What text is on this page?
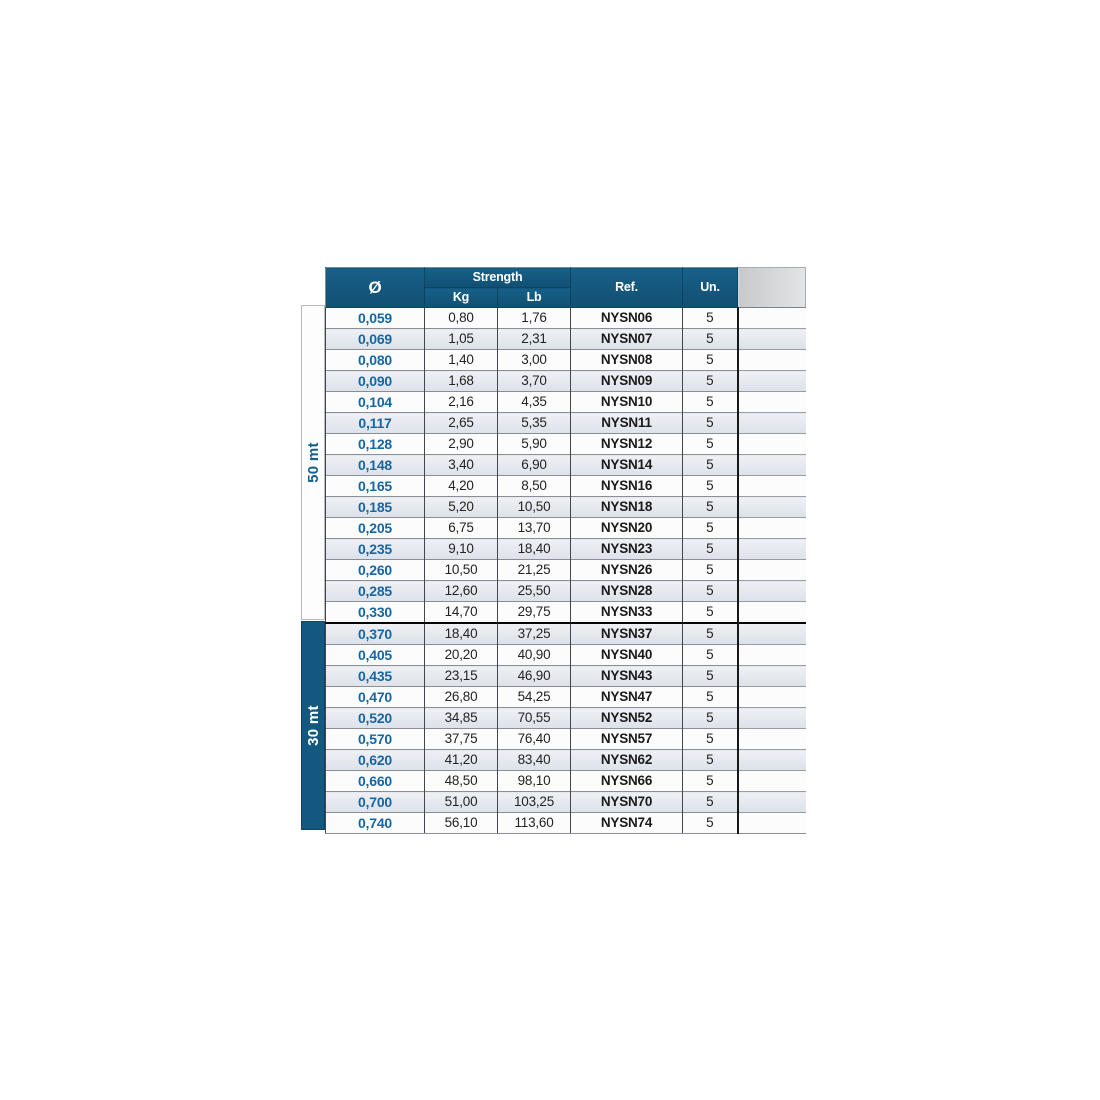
50 mt
30 mt
Ø	Strength		Ref.	Un.	
	Kg	Lb			
0,059	0,80	1,76	NYSN06	5	
0,069	1,05	2,31	NYSN07	5	
0,080	1,40	3,00	NYSN08	5	
0,090	1,68	3,70	NYSN09	5	
0,104	2,16	4,35	NYSN10	5	
0,117	2,65	5,35	NYSN11	5	
0,128	2,90	5,90	NYSN12	5	
0,148	3,40	6,90	NYSN14	5	
0,165	4,20	8,50	NYSN16	5	
0,185	5,20	10,50	NYSN18	5	
0,205	6,75	13,70	NYSN20	5	
0,235	9,10	18,40	NYSN23	5	
0,260	10,50	21,25	NYSN26	5	
0,285	12,60	25,50	NYSN28	5	
0,330	14,70	29,75	NYSN33	5	
0,370	18,40	37,25	NYSN37	5	
0,405	20,20	40,90	NYSN40	5	
0,435	23,15	46,90	NYSN43	5	
0,470	26,80	54,25	NYSN47	5	
0,520	34,85	70,55	NYSN52	5	
0,570	37,75	76,40	NYSN57	5	
0,620	41,20	83,40	NYSN62	5	
0,660	48,50	98,10	NYSN66	5	
0,700	51,00	103,25	NYSN70	5	
0,740	56,10	113,60	NYSN74	5	
